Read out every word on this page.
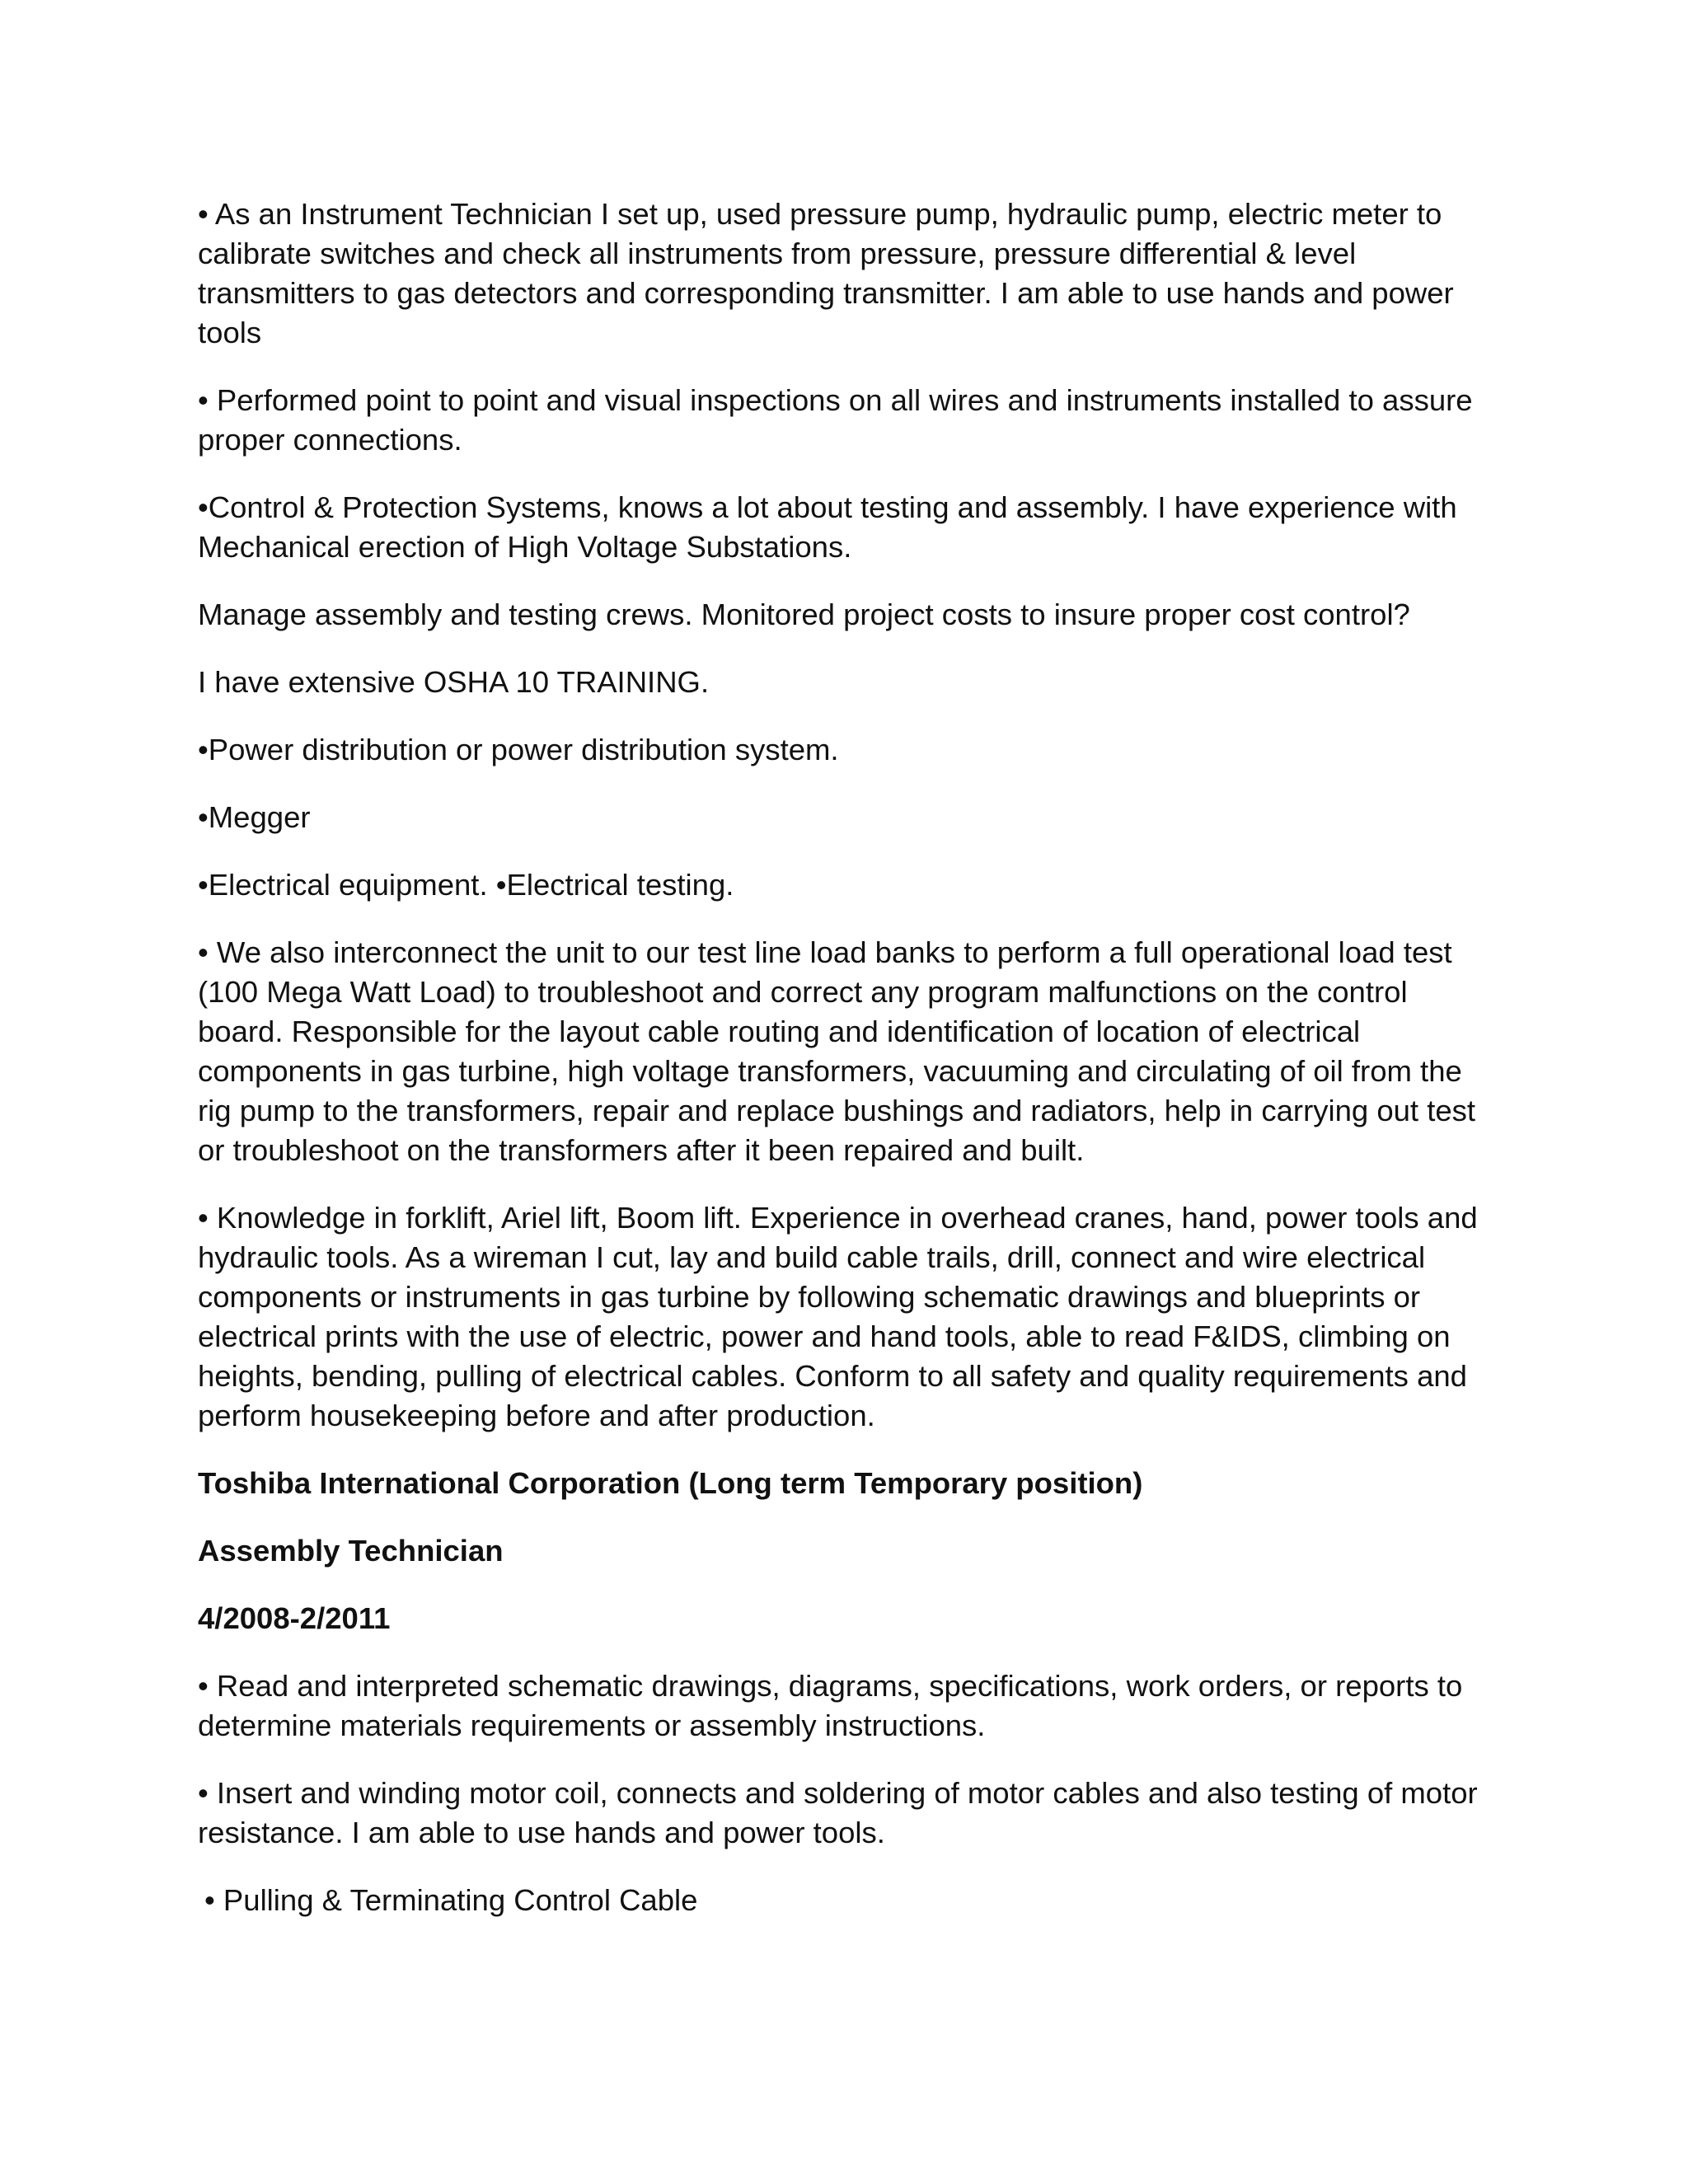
• As an Instrument Technician I set up, used pressure pump, hydraulic pump, electric meter to calibrate switches and check all instruments from pressure, pressure differential & level transmitters to gas detectors and corresponding transmitter. I am able to use hands and power tools

• Performed point to point and visual inspections on all wires and instruments installed to assure proper connections.

•Control & Protection Systems, knows a lot about testing and assembly. I have experience with Mechanical erection of High Voltage Substations.

Manage assembly and testing crews. Monitored project costs to insure proper cost control?

I have extensive OSHA 10 TRAINING.

•Power distribution or power distribution system.

•Megger

•Electrical equipment. •Electrical testing.

• We also interconnect the unit to our test line load banks to perform a full operational load test (100 Mega Watt Load) to troubleshoot and correct any program malfunctions on the control board. Responsible for the layout cable routing and identification of location of electrical components in gas turbine, high voltage transformers, vacuuming and circulating of oil from the rig pump to the transformers, repair and replace bushings and radiators, help in carrying out test or troubleshoot on the transformers after it been repaired and built.

• Knowledge in forklift, Ariel lift, Boom lift. Experience in overhead cranes, hand, power tools and hydraulic tools. As a wireman I cut, lay and build cable trails, drill, connect and wire electrical components or instruments in gas turbine by following schematic drawings and blueprints or electrical prints with the use of electric, power and hand tools, able to read F&IDS, climbing on heights, bending, pulling of electrical cables. Conform to all safety and quality requirements and perform housekeeping before and after production.

Toshiba International Corporation (Long term Temporary position)

Assembly Technician

4/2008-2/2011

• Read and interpreted schematic drawings, diagrams, specifications, work orders, or reports to determine materials requirements or assembly instructions.

• Insert and winding motor coil, connects and soldering of motor cables and also testing of motor resistance. I am able to use hands and power tools.

• Pulling & Terminating Control Cable
